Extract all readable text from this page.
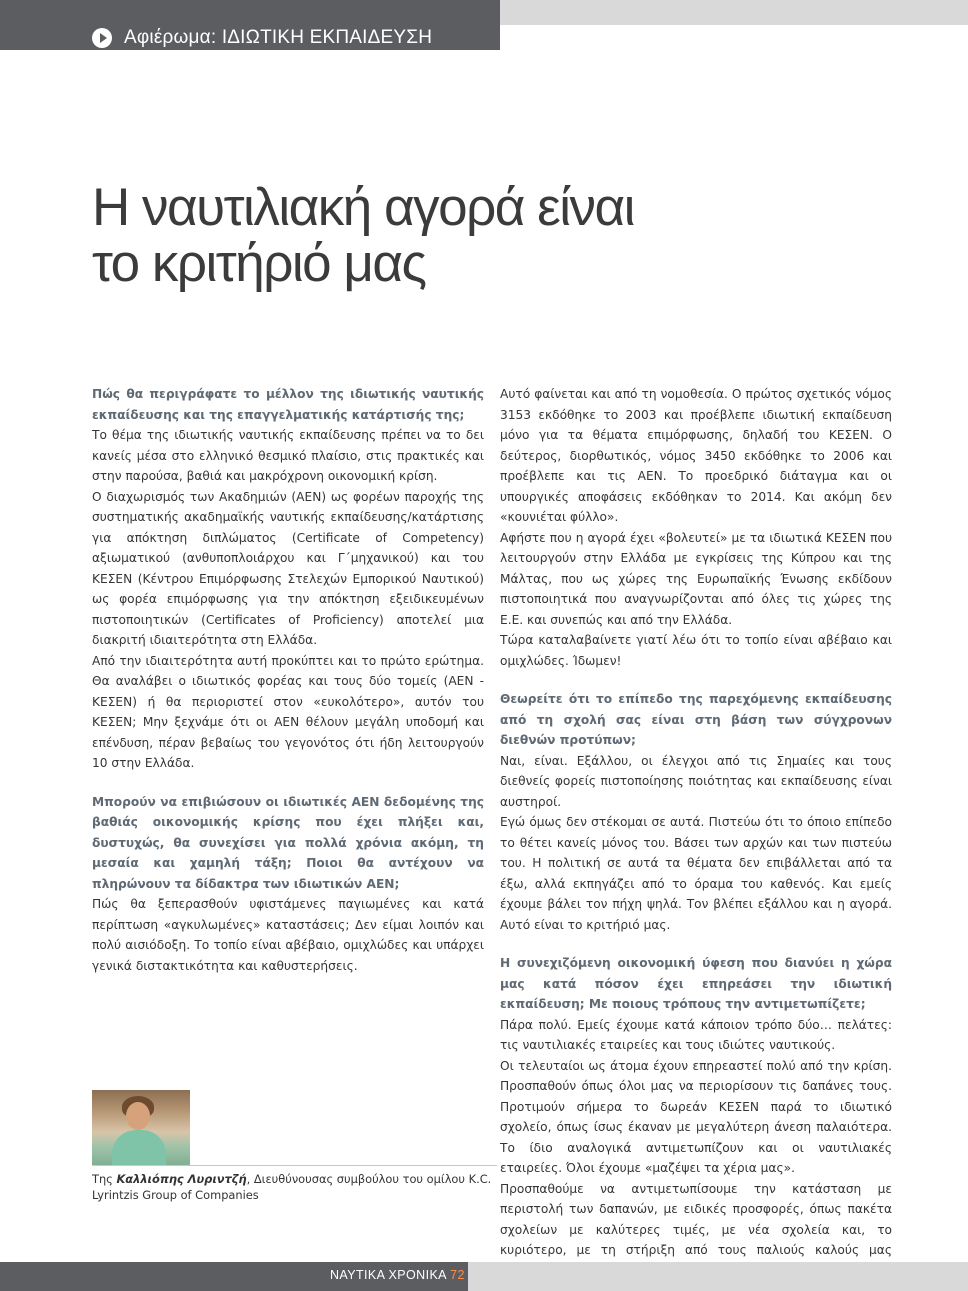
Αφιέρωμα: ΙΔΙΩΤΙΚΗ ΕΚΠΑΙΔΕΥΣΗ
Η ναυτιλιακή αγορά είναι
το κριτήριό μας

Πώς θα περιγράφατε το μέλλον της ιδιωτικής ναυτικής εκπαίδευσης και της επαγγελματικής κατάρτισής της;

Το θέμα της ιδιωτικής ναυτικής εκπαίδευσης πρέπει να το δει κανείς μέσα στο ελληνικό θεσμικό πλαίσιο, στις πρακτικές και στην παρούσα, βαθιά και μακρόχρονη οικονομική κρίση.

Ο διαχωρισμός των Ακαδημιών (ΑΕΝ) ως φορέων παροχής της συστηματικής ακαδημαϊκής ναυτικής εκπαίδευσης/κατάρτισης για απόκτηση διπλώματος (Certificate of Competency) αξιωματικού (ανθυποπλοιάρχου και Γ΄μηχανικού) και του ΚΕΣΕΝ (Κέντρου Επιμόρφωσης Στελεχών Εμπορικού Ναυτικού) ως φορέα επιμόρφωσης για την απόκτηση εξειδικευμένων πιστοποιητικών (Certificates of Proficiency) αποτελεί μια διακριτή ιδιαιτερότητα στη Ελλάδα.

Από την ιδιαιτερότητα αυτή προκύπτει και το πρώτο ερώτημα. Θα αναλάβει ο ιδιωτικός φορέας και τους δύο τομείς (ΑΕΝ - ΚΕΣΕΝ) ή θα περιοριστεί στον «ευκολότερο», αυτόν του ΚΕΣΕΝ; Μην ξεχνάμε ότι οι ΑΕΝ θέλουν μεγάλη υποδομή και επένδυση, πέραν βεβαίως του γεγονότος ότι ήδη λειτουργούν 10 στην Ελλάδα.

Μπορούν να επιβιώσουν οι ιδιωτικές ΑΕΝ δεδομένης της βαθιάς οικονομικής κρίσης που έχει πλήξει και, δυστυχώς, θα συνεχίσει για πολλά χρόνια ακόμη, τη μεσαία και χαμηλή τάξη; Ποιοι θα αντέχουν να πληρώνουν τα δίδακτρα των ιδιωτικών ΑΕΝ;

Πώς θα ξεπερασθούν υφιστάμενες παγιωμένες και κατά περίπτωση «αγκυλωμένες» καταστάσεις; Δεν είμαι λοιπόν και πολύ αισιόδοξη. Το τοπίο είναι αβέβαιο, ομιχλώδες και υπάρχει γενικά διστακτικότητα και καθυστερήσεις.

Αυτό φαίνεται και από τη νομοθεσία. Ο πρώτος σχετικός νόμος 3153 εκδόθηκε το 2003 και προέβλεπε ιδιωτική εκπαίδευση μόνο για τα θέματα επιμόρφωσης, δηλαδή του ΚΕΣΕΝ. Ο δεύτερος, διορθωτικός, νόμος 3450 εκδόθηκε το 2006 και προέβλεπε και τις ΑΕΝ. Το προεδρικό διάταγμα και οι υπουργικές αποφάσεις εκδόθηκαν το 2014. Και ακόμη δεν «κουνιέται φύλλο».

Αφήστε που η αγορά έχει «βολευτεί» με τα ιδιωτικά ΚΕΣΕΝ που λειτουργούν στην Ελλάδα με εγκρίσεις της Κύπρου και της Μάλτας, που ως χώρες της Ευρωπαϊκής Ένωσης εκδίδουν πιστοποιητικά που αναγνωρίζονται από όλες τις χώρες της Ε.Ε. και συνεπώς και από την Ελλάδα.

Τώρα καταλαβαίνετε γιατί λέω ότι το τοπίο είναι αβέβαιο και ομιχλώδες. Ίδωμεν!

Θεωρείτε ότι το επίπεδο της παρεχόμενης εκπαίδευσης από τη σχολή σας είναι στη βάση των σύγχρονων διεθνών προτύπων;

Ναι, είναι. Εξάλλου, οι έλεγχοι από τις Σημαίες και τους διεθνείς φορείς πιστοποίησης ποιότητας και εκπαίδευσης είναι αυστηροί.

Εγώ όμως δεν στέκομαι σε αυτά. Πιστεύω ότι το όποιο επίπεδο το θέτει κανείς μόνος του. Βάσει των αρχών και των πιστεύω του. Η πολιτική σε αυτά τα θέματα δεν επιβάλλεται από τα έξω, αλλά εκπηγάζει από το όραμα του καθενός. Και εμείς έχουμε βάλει τον πήχη ψηλά. Τον βλέπει εξάλλου και η αγορά. Αυτό είναι το κριτήριό μας.

Η συνεχιζόμενη οικονομική ύφεση που διανύει η χώρα μας κατά πόσον έχει επηρεάσει την ιδιωτική εκπαίδευση; Με ποιους τρόπους την αντιμετωπίζετε;

Πάρα πολύ. Εμείς έχουμε κατά κάποιον τρόπο δύο… πελάτες: τις ναυτιλιακές εταιρείες και τους ιδιώτες ναυτικούς.

Οι τελευταίοι ως άτομα έχουν επηρεαστεί πολύ από την κρίση. Προσπαθούν όπως όλοι μας να περιορίσουν τις δαπάνες τους. Προτιμούν σήμερα το δωρεάν ΚΕΣΕΝ παρά το ιδιωτικό σχολείο, όπως ίσως έκαναν με μεγαλύτερη άνεση παλαιότερα. Το ίδιο αναλογικά αντιμετωπίζουν και οι ναυτιλιακές εταιρείες. Όλοι έχουμε «μαζέψει τα χέρια μας».

Προσπαθούμε να αντιμετωπίσουμε την κατάσταση με περιστολή των δαπανών, με ειδικές προσφορές, όπως πακέτα σχολείων με καλύτερες τιμές, με νέα σχολεία και, το κυριότερο, με τη στήριξη από τους παλιούς καλούς μας

Της Καλλιόπης Λυριντζή, Διευθύνουσας συμβούλου του ομίλου K.C. Lyrintzis Group of Companies
ΝΑΥΤΙΚΑ ΧΡΟΝΙΚΑ 72
